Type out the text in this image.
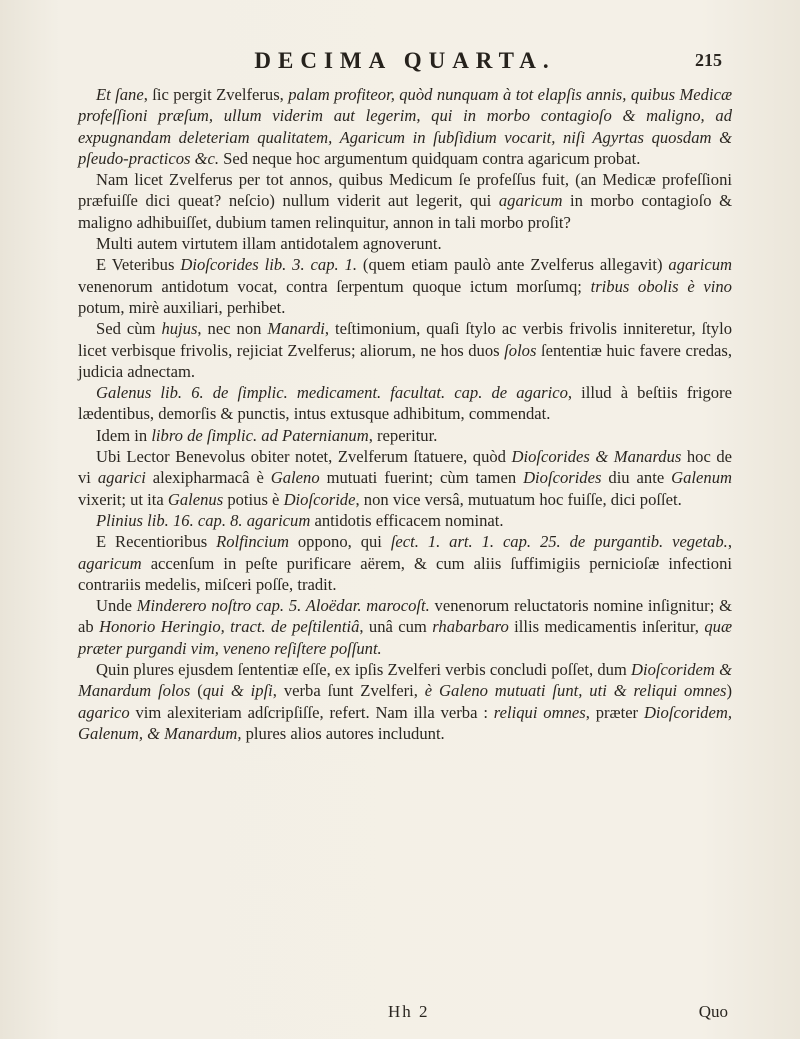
DECIMA QUARTA.	215

Et ſane, ſic pergit Zvelferus, palam profiteor, quòd nunquam à tot elapſis annis, quibus Medicæ profeſſioni præſum, ullum viderim aut legerim, qui in morbo contagioſo & maligno, ad expugnandam deleteriam qualitatem, Agaricum in ſubſidium vocarit, niſi Agyrtas quosdam & pſeudo-practicos &c. Sed neque hoc argumentum quidquam contra agaricum probat.

Nam licet Zvelferus per tot annos, quibus Medicum ſe profeſſus fuit, (an Medicæ profeſſioni præfuiſſe dici queat? neſcio) nullum viderit aut legerit, qui agaricum in morbo contagioſo & maligno adhibuiſſet, dubium tamen relinquitur, annon in tali morbo proſit?

Multi autem virtutem illam antidotalem agnoverunt.

E Veteribus Dioſcorides lib. 3. cap. 1. (quem etiam paulò ante Zvelferus allegavit) agaricum venenorum antidotum vocat, contra ſerpentum quoque ictum morſumq; tribus obolis è vino potum, mirè auxiliari, perhibet.

Sed cùm hujus, nec non Manardi, teſtimonium, quaſi ſtylo ac verbis frivolis inniteretur, ſtylo licet verbisque frivolis, rejiciat Zvelferus; aliorum, ne hos duos ſolos ſententiæ huic favere credas, judicia adnectam.

Galenus lib. 6. de ſimplic. medicament. facultat. cap. de agarico, illud à beſtiis frigore lædentibus, demorſis & punctis, intus extusque adhibitum, commendat.

Idem in libro de ſimplic. ad Paternianum, reperitur.

Ubi Lector Benevolus obiter notet, Zvelferum ſtatuere, quòd Dioſcorides & Manardus hoc de vi agarici alexipharmacâ è Galeno mutuati fuerint; cùm tamen Dioſcorides diu ante Galenum vixerit; ut ita Galenus potius è Dioſcoride, non vice versâ, mutuatum hoc fuiſſe, dici poſſet.

Plinius lib. 16. cap. 8. agaricum antidotis efficacem nominat.

E Recentioribus Rolfincium oppono, qui ſect. 1. art. 1. cap. 25. de purgantib. vegetab., agaricum accenſum in peſte purificare aërem, & cum aliis ſuffimigiis pernicioſæ infectioni contrariis medelis, miſceri poſſe, tradit.

Unde Minderero noſtro cap. 5. Aloëdar. marocoſt. venenorum reluctatoris nomine inſignitur; & ab Honorio Heringio, tract. de peſtilentiâ, unâ cum rhabarbaro illis medicamentis inſeritur, quæ præter purgandi vim, veneno reſiſtere poſſunt.

Quin plures ejusdem ſententiæ eſſe, ex ipſis Zvelferi verbis concludi poſſet, dum Dioſcoridem & Manardum ſolos (qui & ipſi, verba ſunt Zvelferi, è Galeno mutuati ſunt, uti & reliqui omnes) agarico vim alexiteriam adſcripſiſſe, refert. Nam illa verba : reliqui omnes, præter Dioſcoridem, Galenum, & Manardum, plures alios autores includunt.

Hh 2	Quo
